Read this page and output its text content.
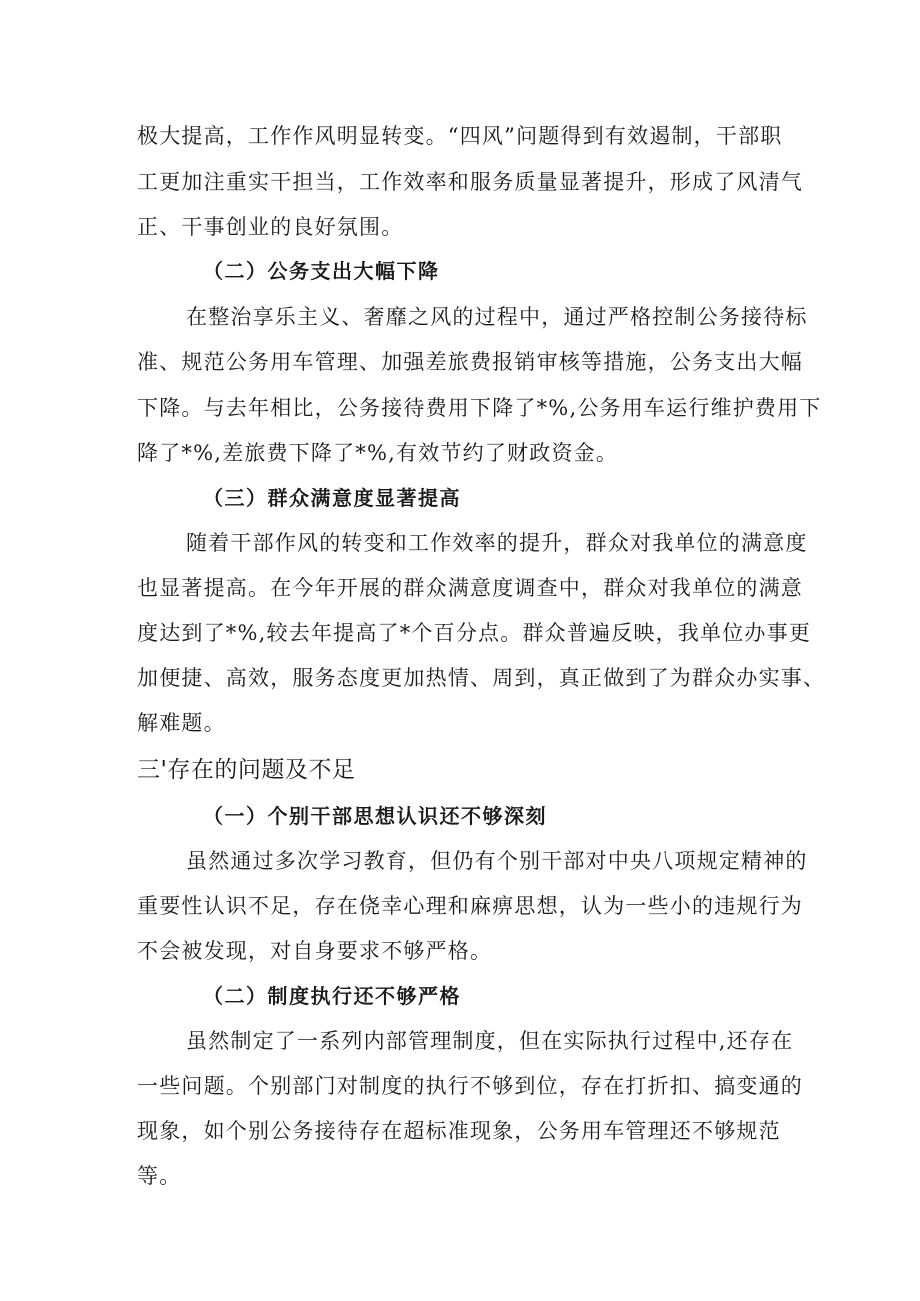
极大提高，工作作风明显转变。“四风”问题得到有效遏制，干部职
工更加注重实干担当，工作效率和服务质量显著提升，形成了风清气
正、干事创业的良好氛围。
（二）公务支出大幅下降
在整治享乐主义、奢靡之风的过程中，通过严格控制公务接待标
准、规范公务用车管理、加强差旅费报销审核等措施，公务支出大幅
下降。与去年相比，公务接待费用下降了*%,公务用车运行维护费用下
降了*%,差旅费下降了*%,有效节约了财政资金。
（三）群众满意度显著提高
随着干部作风的转变和工作效率的提升，群众对我单位的满意度
也显著提高。在今年开展的群众满意度调查中，群众对我单位的满意
度达到了*%,较去年提高了*个百分点。群众普遍反映，我单位办事更
加便捷、高效，服务态度更加热情、周到，真正做到了为群众办实事、
解难题。
三'存在的问题及不足
（一）个别干部思想认识还不够深刻
虽然通过多次学习教育，但仍有个别干部对中央八项规定精神的
重要性认识不足，存在侥幸心理和麻痹思想，认为一些小的违规行为
不会被发现，对自身要求不够严格。
（二）制度执行还不够严格
虽然制定了一系列内部管理制度，但在实际执行过程中,还存在
一些问题。个别部门对制度的执行不够到位，存在打折扣、搞变通的
现象，如个别公务接待存在超标准现象，公务用车管理还不够规范
等。
